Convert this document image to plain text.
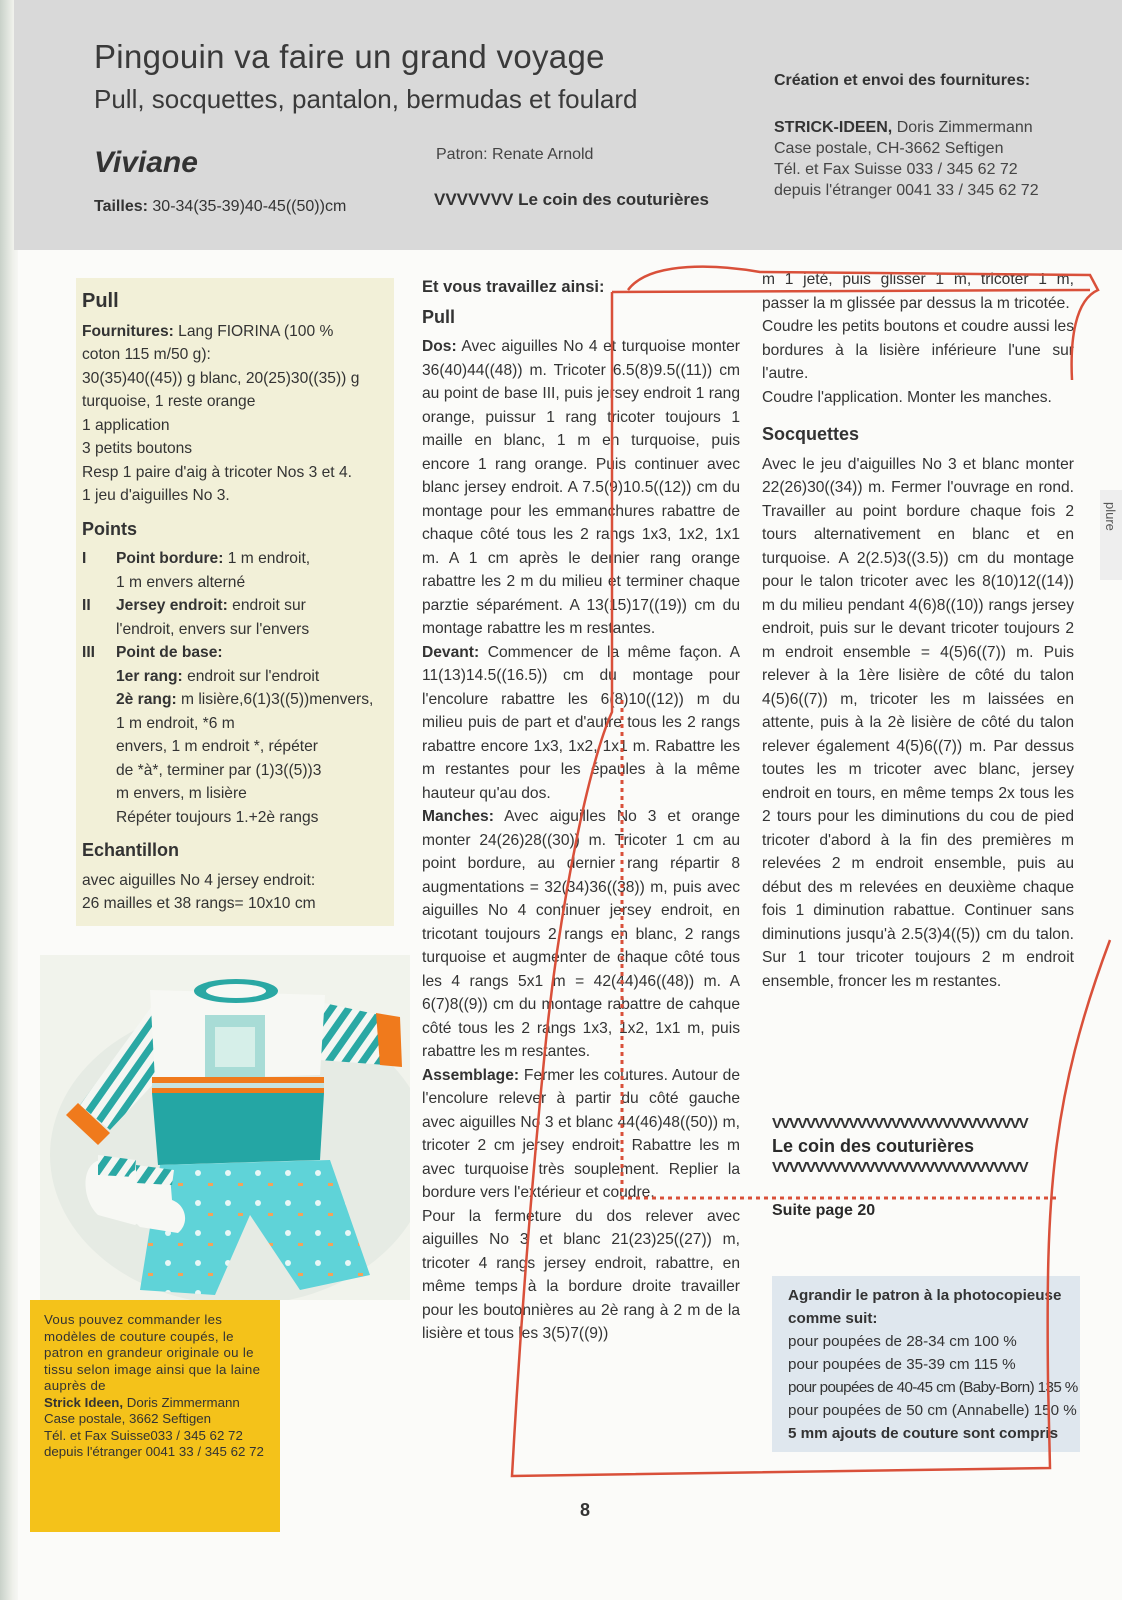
Pingouin va faire un grand voyage
Pull, socquettes, pantalon, bermudas et foulard
Viviane
Tailles: 30-34(35-39)40-45((50))cm
Patron: Renate Arnold
VVVVVVV Le coin des couturières
Création et envoi des fournitures:
STRICK-IDEEN, Doris Zimmermann
Case postale, CH-3662 Seftigen
Tél. et Fax Suisse 033 / 345 62 72
depuis l'étranger 0041 33 / 345 62 72
plure

Pull

Fournitures: Lang FIORINA (100 %

coton 115 m/50 g):

30(35)40((45)) g blanc, 20(25)30((35)) g

turquoise, 1 reste orange

1 application

3 petits boutons

Resp 1 paire d'aig à tricoter Nos 3 et 4.

1 jeu d'aiguilles No 3.

Points

I Point bordure: 1 m endroit,

1 m envers alterné

II Jersey endroit: endroit sur

l'endroit, envers sur l'envers

III Point de base:

1er rang: endroit sur l'endroit

2è rang: m lisière,6(1)3((5))menvers,

1 m endroit, *6 m

envers, 1 m endroit *, répéter

de *à*, terminer par (1)3((5))3

m envers, m lisière

Répéter toujours 1.+2è rangs

Echantillon

avec aiguilles No 4 jersey endroit:

26 mailles et 38 rangs= 10x10 cm

Vous pouvez commander les modèles de couture coupés, le patron en grandeur originale ou le tissu selon image ainsi que la laine auprès de

Strick Ideen, Doris Zimmermann

Case postale, 3662 Seftigen

Tél. et Fax Suisse033 / 345 62 72

depuis l'étranger 0041 33 / 345 62 72

Et vous travaillez ainsi:

Pull

Dos: Avec aiguilles No 4 et turquoise monter 36(40)44((48)) m. Tricoter 6.5(8)9.5((11)) cm au point de base III, puis jersey endroit 1 rang orange, puissur 1 rang tricoter toujours 1 maille en blanc, 1 m en turquoise, puis encore 1 rang orange. Puis continuer avec blanc jersey endroit. A 7.5(9)10.5((12)) cm du montage pour les emmanchures rabattre de chaque côté tous les 2 rangs 1x3, 1x2, 1x1 m. A 1 cm après le dernier rang orange rabattre les 2 m du milieu et terminer chaque parztie séparément. A 13(15)17((19)) cm du montage rabattre les m restantes.

Devant: Commencer de la même façon. A 11(13)14.5((16.5)) cm du montage pour l'encolure rabattre les 6(8)10((12)) m du milieu puis de part et d'autre tous les 2 rangs rabattre encore 1x3, 1x2, 1x1 m. Rabattre les m restantes pour les épaules à la même hauteur qu'au dos.

Manches: Avec aiguilles No 3 et orange monter 24(26)28((30)) m. Tricoter 1 cm au point bordure, au dernier rang répartir 8 augmentations = 32(34)36((38)) m, puis avec aiguilles No 4 continuer jersey endroit, en tricotant toujours 2 rangs en blanc, 2 rangs turquoise et augmenter de chaque côté tous les 4 rangs 5x1 m = 42(44)46((48)) m. A 6(7)8((9)) cm du montage rabattre de cahque côté tous les 2 rangs 1x3, 1x2, 1x1 m, puis rabattre les m restantes.

Assemblage: Fermer les coutures. Autour de l'encolure relever à partir du côté gauche avec aiguilles No 3 et blanc 44(46)48((50)) m, tricoter 2 cm jersey endroit. Rabattre les m avec turquoise très souplement. Replier la bordure vers l'extérieur et coudre.

Pour la fermeture du dos relever avec aiguilles No 3 et blanc 21(23)25((27)) m, tricoter 4 rangs jersey endroit, rabattre, en même temps à la bordure droite travailler pour les boutonnières au 2è rang à 2 m de la lisière et tous les 3(5)7((9))

m 1 jeté, puis glisser 1 m, tricoter 1 m, passer la m glissée par dessus la m tricotée.

Coudre les petits boutons et coudre aussi les bordures à la lisière inférieure l'une sur l'autre.

Coudre l'application. Monter les manches.

Socquettes

Avec le jeu d'aiguilles No 3 et blanc monter 22(26)30((34)) m. Fermer l'ouvrage en rond. Travailler au point bordure chaque fois 2 tours alternativement en blanc et en turquoise. A 2(2.5)3((3.5)) cm du montage pour le talon tricoter avec les 8(10)12((14)) m du milieu pendant 4(6)8((10)) rangs jersey endroit, puis sur le devant tricoter toujours 2 m endroit ensemble = 4(5)6((7)) m. Puis relever à la 1ère lisière de côté du talon 4(5)6((7)) m, tricoter les m laissées en attente, puis à la 2è lisière de côté du talon relever également 4(5)6((7)) m. Par dessus toutes les m tricoter avec blanc, jersey endroit en tours, en même temps 2x tous les 2 tours pour les diminutions du cou de pied tricoter d'abord à la fin des premières m relevées 2 m endroit ensemble, puis au début des m relevées en deuxième chaque fois 1 diminution rabattue. Continuer sans diminutions jusqu'à 2.5(3)4((5)) cm du talon. Sur 1 tour tricoter toujours 2 m endroit ensemble, froncer les m restantes.

VVVVVVVVVVVVVVVVVVVVVVVVVVVVVV
Le coin des couturières
VVVVVVVVVVVVVVVVVVVVVVVVVVVVVV
Suite page 20

Agrandir le patron à la photocopieuse

comme suit:

pour poupées de 28-34 cm 100 %

pour poupées de 35-39 cm 115 %

pour poupées de 40-45 cm (Baby-Born) 135 %

pour poupées de 50 cm (Annabelle) 150 %

5 mm ajouts de couture sont compris

8
